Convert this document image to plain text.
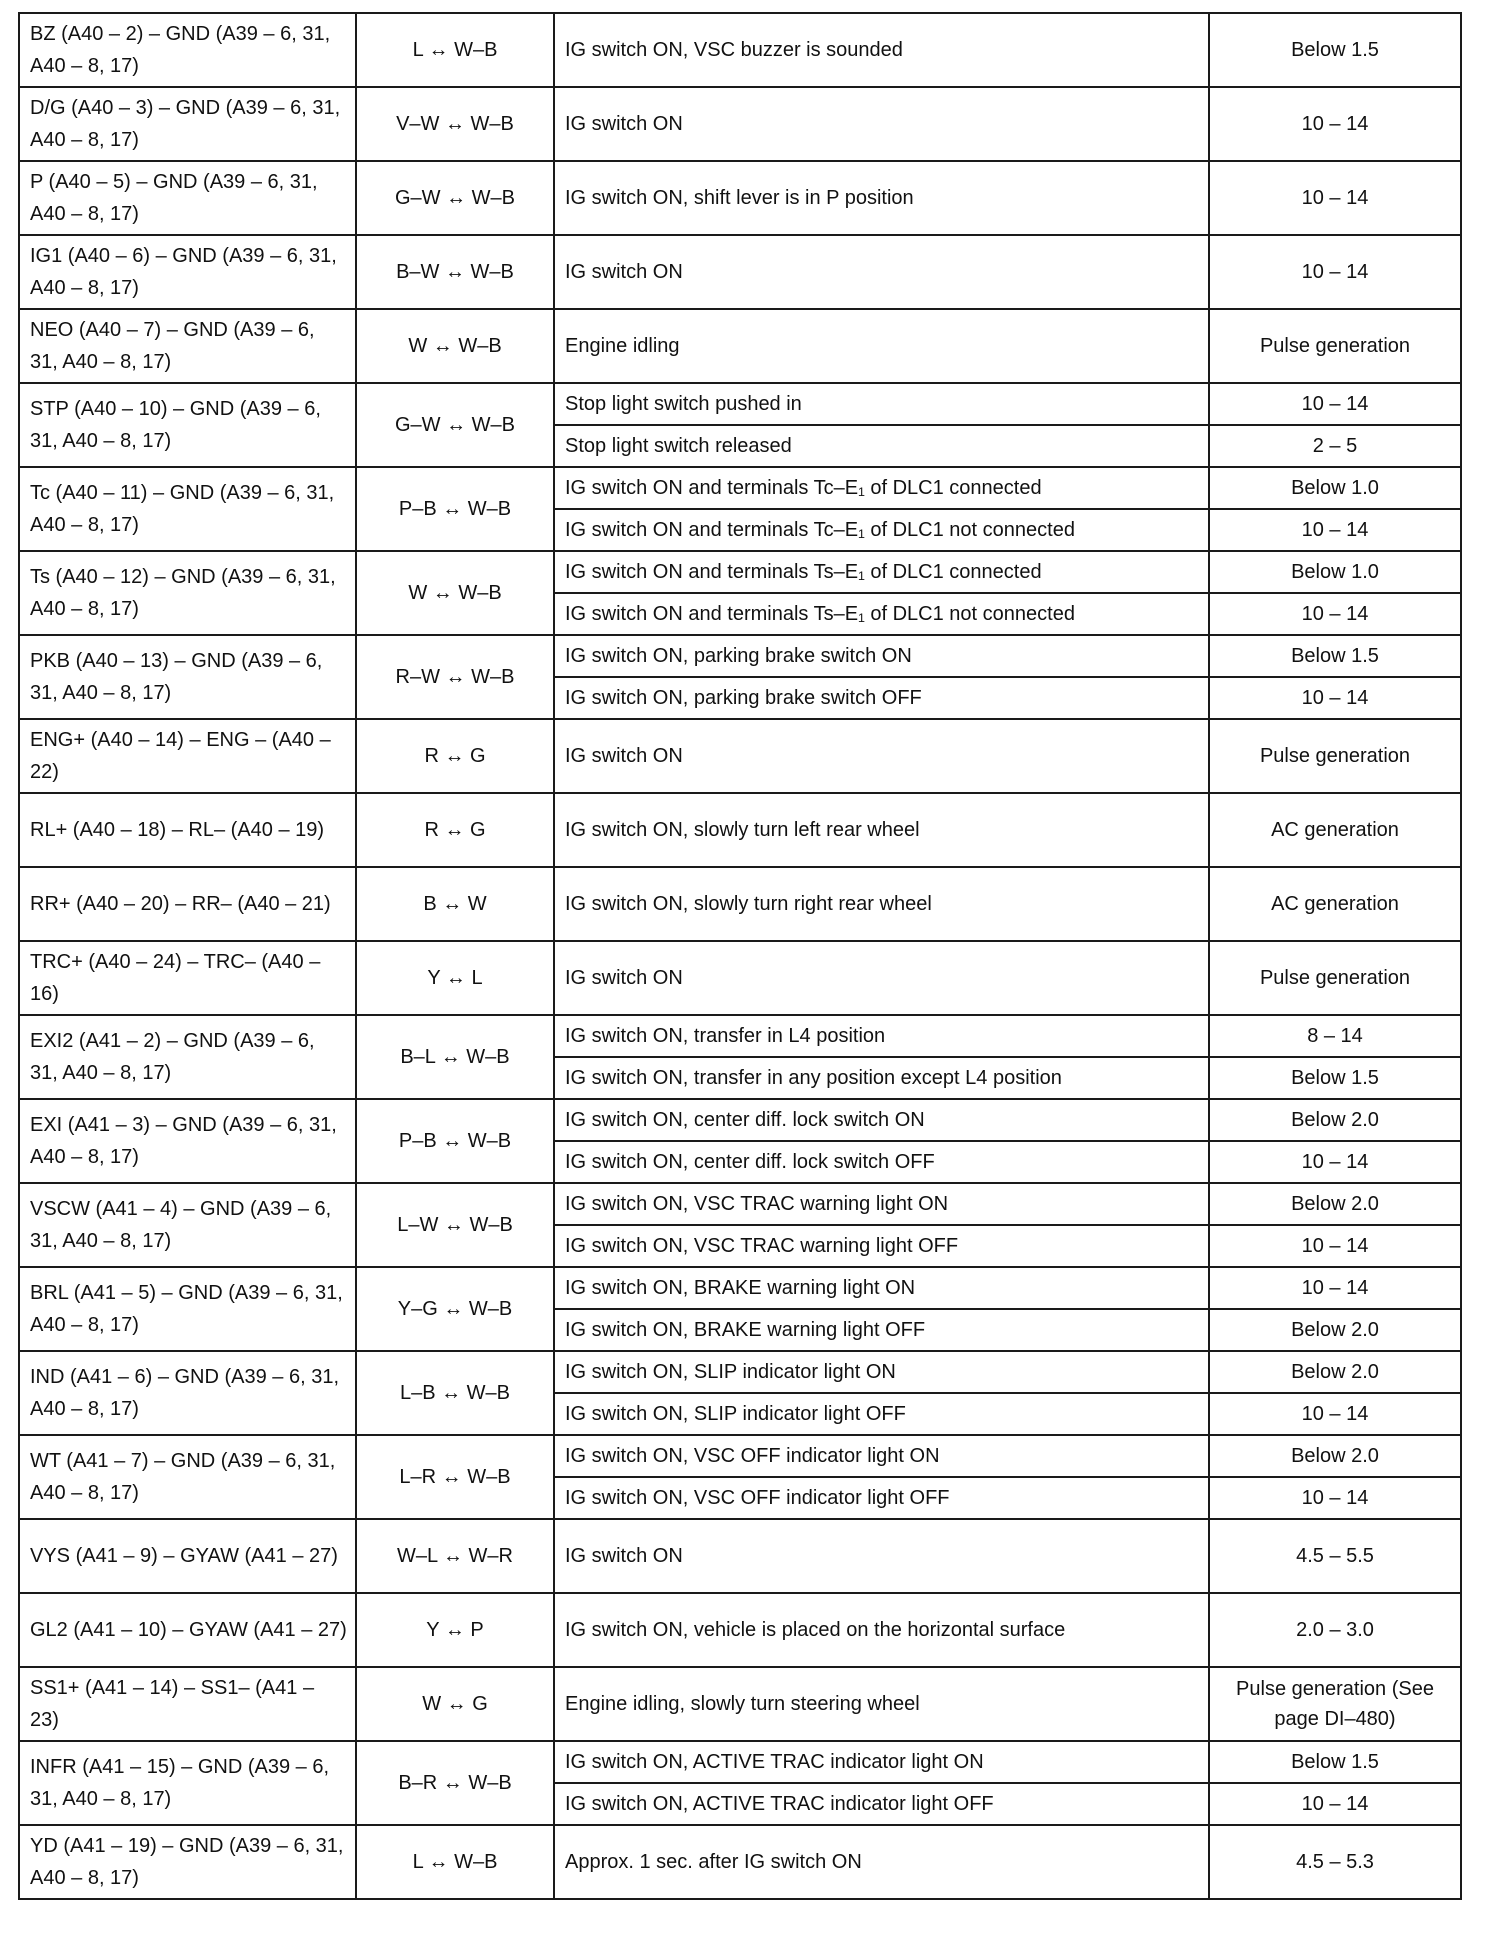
BZ (A40 – 2) – GND (A39 – 6, 31, A40 – 8, 17)	L ↔ W–B	IG switch ON, VSC buzzer is sounded	Below 1.5
D/G (A40 – 3) – GND (A39 – 6, 31, A40 – 8, 17)	V–W ↔ W–B	IG switch ON	10 – 14
P (A40 – 5) – GND (A39 – 6, 31, A40 – 8, 17)	G–W ↔ W–B	IG switch ON, shift lever is in P position	10 – 14
IG1 (A40 – 6) – GND (A39 – 6, 31, A40 – 8, 17)	B–W ↔ W–B	IG switch ON	10 – 14
NEO (A40 – 7) – GND (A39 – 6, 31, A40 – 8, 17)	W ↔ W–B	Engine idling	Pulse generation
STP (A40 – 10) – GND (A39 – 6, 31, A40 – 8, 17)	G–W ↔ W–B	Stop light switch pushed in	10 – 14
		Stop light switch released	2 – 5
Tc (A40 – 11) – GND (A39 – 6, 31, A40 – 8, 17)	P–B ↔ W–B	IG switch ON and terminals Tc–E₁ of DLC1 connected	Below 1.0
		IG switch ON and terminals Tc–E₁ of DLC1 not connected	10 – 14
Ts (A40 – 12) – GND (A39 – 6, 31, A40 – 8, 17)	W ↔ W–B	IG switch ON and terminals Ts–E₁ of DLC1 connected	Below 1.0
		IG switch ON and terminals Ts–E₁ of DLC1 not connected	10 – 14
PKB (A40 – 13) – GND (A39 – 6, 31, A40 – 8, 17)	R–W ↔ W–B	IG switch ON, parking brake switch ON	Below 1.5
		IG switch ON, parking brake switch OFF	10 – 14
ENG+ (A40 – 14) – ENG – (A40 – 22)	R ↔ G	IG switch ON	Pulse generation
RL+ (A40 – 18) – RL– (A40 – 19)	R ↔ G	IG switch ON, slowly turn left rear wheel	AC generation
RR+ (A40 – 20) – RR– (A40 – 21)	B ↔ W	IG switch ON, slowly turn right rear wheel	AC generation
TRC+ (A40 – 24) – TRC– (A40 – 16)	Y ↔ L	IG switch ON	Pulse generation
EXI2 (A41 – 2) – GND (A39 – 6, 31, A40 – 8, 17)	B–L ↔ W–B	IG switch ON, transfer in L4 position	8 – 14
		IG switch ON, transfer in any position except L4 position	Below 1.5
EXI (A41 – 3) – GND (A39 – 6, 31, A40 – 8, 17)	P–B ↔ W–B	IG switch ON, center diff. lock switch ON	Below 2.0
		IG switch ON, center diff. lock switch OFF	10 – 14
VSCW (A41 – 4) – GND (A39 – 6, 31, A40 – 8, 17)	L–W ↔ W–B	IG switch ON, VSC TRAC warning light ON	Below 2.0
		IG switch ON, VSC TRAC warning light OFF	10 – 14
BRL (A41 – 5) – GND (A39 – 6, 31, A40 – 8, 17)	Y–G ↔ W–B	IG switch ON, BRAKE warning light ON	10 – 14
		IG switch ON, BRAKE warning light OFF	Below 2.0
IND (A41 – 6) – GND (A39 – 6, 31, A40 – 8, 17)	L–B ↔ W–B	IG switch ON, SLIP indicator light ON	Below 2.0
		IG switch ON, SLIP indicator light OFF	10 – 14
WT (A41 – 7) – GND (A39 – 6, 31, A40 – 8, 17)	L–R ↔ W–B	IG switch ON, VSC OFF indicator light ON	Below 2.0
		IG switch ON, VSC OFF indicator light OFF	10 – 14
VYS (A41 – 9) – GYAW (A41 – 27)	W–L ↔ W–R	IG switch ON	4.5 – 5.5
GL2 (A41 – 10) – GYAW (A41 – 27)	Y ↔ P	IG switch ON, vehicle is placed on the horizontal surface	2.0 – 3.0
SS1+ (A41 – 14) – SS1– (A41 – 23)	W ↔ G	Engine idling, slowly turn steering wheel	Pulse generation (See page DI–480)
INFR (A41 – 15) – GND (A39 – 6, 31, A40 – 8, 17)	B–R ↔ W–B	IG switch ON, ACTIVE TRAC indicator light ON	Below 1.5
		IG switch ON, ACTIVE TRAC indicator light OFF	10 – 14
YD (A41 – 19) – GND (A39 – 6, 31, A40 – 8, 17)	L ↔ W–B	Approx. 1 sec. after IG switch ON	4.5 – 5.3
